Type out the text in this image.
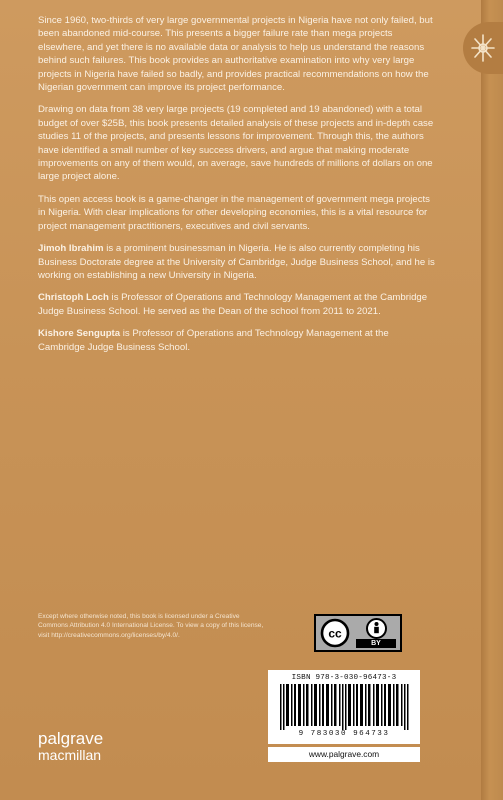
Since 1960, two-thirds of very large governmental projects in Nigeria have not only failed, but been abandoned mid-course. This presents a bigger failure rate than mega projects elsewhere, and yet there is no available data or analysis to help us understand the reasons behind such failures. This book provides an authoritative examination into why very large projects in Nigeria have failed so badly, and provides practical recommendations on how the Nigerian government can improve its project performance.

Drawing on data from 38 very large projects (19 completed and 19 abandoned) with a total budget of over $25B, this book presents detailed analysis of these projects and in-depth case studies 11 of the projects, and presents lessons for improvement. Through this, the authors have identified a small number of key success drivers, and argue that making moderate improvements on any of them would, on average, save hundreds of millions of dollars on one large project alone.

This open access book is a game-changer in the management of government mega projects in Nigeria. With clear implications for other developing economies, this is a vital resource for project management practitioners, executives and civil servants.

Jimoh Ibrahim is a prominent businessman in Nigeria. He is also currently completing his Business Doctorate degree at the University of Cambridge, Judge Business School, and he is working on establishing a new University in Nigeria.

Christoph Loch is Professor of Operations and Technology Management at the Cambridge Judge Business School. He served as the Dean of the school from 2011 to 2021.

Kishore Sengupta is Professor of Operations and Technology Management at the Cambridge Judge Business School.

Except where otherwise noted, this book is licensed under a Creative Commons Attribution 4.0 International License. To view a copy of this license, visit http://creativecommons.org/licenses/by/4.0/.	cc
BY
ISBN 978-3-030-96473-3
9 783030 964733
palgrave
macmillan	www.palgrave.com
